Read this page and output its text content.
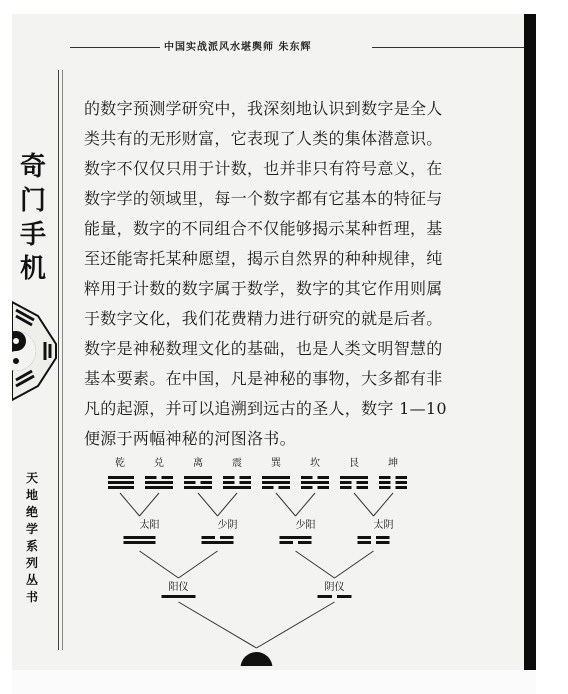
中国实战派风水堪舆师 朱东辉
奇
门
手
机
天
地
绝
学
系
列
丛
书

的数字预测学研究中，我深刻地认识到数字是全人

类共有的无形财富，它表现了人类的集体潜意识。

数字不仅仅只用于计数，也并非只有符号意义，在

数字学的领域里，每一个数字都有它基本的特征与

能量，数字的不同组合不仅能够揭示某种哲理，基

至还能寄托某种愿望，揭示自然界的种种规律，纯

粹用于计数的数字属于数学，数字的其它作用则属

于数字文化，我们花费精力进行研究的就是后者。

数字是神秘数理文化的基础，也是人类文明智慧的

基本要素。在中国，凡是神秘的事物，大多都有非

凡的起源，并可以追溯到远古的圣人，数字 1—10

便源于两幅神秘的河图洛书。

乾	兑	离	震	巽	坎	艮	坤
太阳	少阴	少阳	太阴
阳仪	阴仪
